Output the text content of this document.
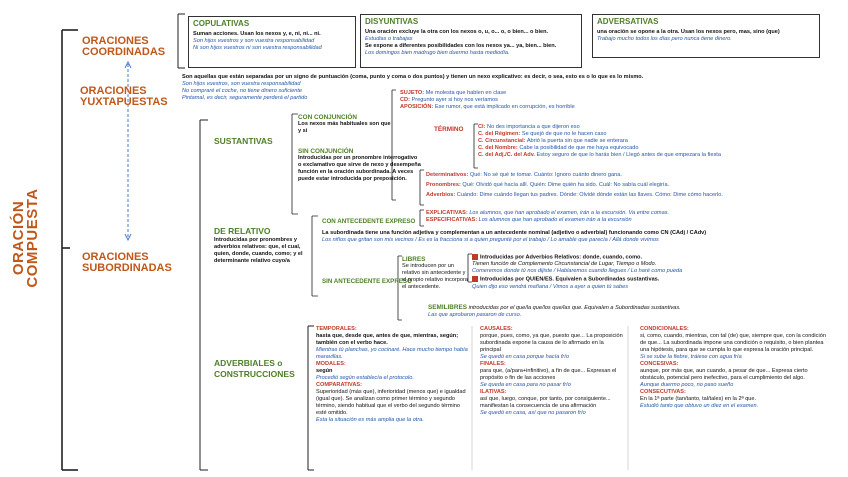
ORACIÓN
COMPUESTA
ORACIONES
COORDINADAS
COPULATIVAS
Suman acciones. Usan los nexos y, e, ni, ni... ni.
Son hijos vuestros y son vuestra responsabilidad
Ni son hijos vuestros ni son vuestra responsabilidad
DISYUNTIVAS
Una oración excluye la otra con los nexos o, u, o... o, o bien... o bien.
Estudias o trabajas
Se expone a diferentes posibilidades con los nexos ya... ya, bien... bien.
Los domingos bien madrugo bien duermo hasta mediodía.
ADVERSATIVAS
una oración se opone a la otra. Usan los nexos pero, mas, sino (que)
Trabajo mucho todos los días pero nunca tiene dinero.
ORACIONES
YUXTAPUESTAS
Son aquellas que están separadas por un signo de puntuación (coma, punto y coma o dos puntos) y tienen un nexo explicativo: es decir, o sea, esto es o lo que es lo mismo.
Son hijos vuestros, son vuestra responsabilidad
No compraré el coche, no tiene dinero suficiente
Pintamal, es decir, seguramente perderá el partido
ORACIONES
SUBORDINADAS
SUSTANTIVAS
CON CONJUNCIÓN
Los nexos más habituales son que y si
SIN CONJUNCIÓN
Introducidas por un pronombre interrogativo o exclamativo que sirve de nexo y desempeña función en la oración subordinada. A veces puede estar introducida por preposición.
SUJETO: Me molesta que hablen en clase
CD: Pregunto ayer si hoy nos veríamos
APOSICIÓN: Ese rumor, que está implicado en corrupción, es horrible
TÉRMINO	CI: No des importancia a que dijeron eso
C. del Régimen: Se quejó de que no le hacen caso
C. Circunstancial: Abrió la puerta sin que nadie se enterara
C. del Nombre: Cabe la posibilidad de que me haya equivocado
C. del Adj./C. del Adv. Estoy seguro de que lo harás bien / Llegó antes de que empezara la fiesta
Determinativos: Qué: No sé qué te tomar. Cuánto: Ignoro cuánto dinero gana.
Pronombres: Qué: Olvidó qué hacía allí. Quién: Dime quién ha sido. Cuál: No sabía cuál elegiría.
Adverbios: Cuándo: Dime cuándo llegan tus padres. Dónde: Olvidé dónde están las llaves. Cómo: Dime cómo hacerlo.
DE RELATIVO
Introducidas por pronombres y adverbios relativos: que, el cual, quien, donde, cuando, como; y el determinante relativo cuyo/a
CON ANTECEDENTE EXPRESO
EXPLICATIVAS: Los alumnos, que han aprobado el examen, irán a la excursión. Va entre comas.
ESPECIFICATIVAS: Los alumnos que han aprobado el examen irán a la excursión
La subordinada tiene una función adjetiva y complementan a un antecedente nominal (adjetivo o adverbial) funcionando como CN (CAdj / CAdv)
Los niños que gritan son mis vecinos / Es es la fracciona si a quien pregunté por el trabajo / Lo amable que parecía / Allá donde vivimos
SIN ANTECEDENTE EXPRESO
LIBRES
Se introducen por un relativo sin antecedente y el propio relativo incorpora el antecedente.
Introducidas por Adverbios Relativos: donde, cuando, como.
Tienen función de Complemento Circunstancial de Lugar, Tiempo o Modo.
Comeremos donde tú nos dijiste / Hablaremos cuando llegues / Lo haré como pueda
Introducidas por QUIEN/ES. Equivalen a Subordinadas sustantivas.
Quien dijo eso vendrá mañana / Vimos a ayer a quien tú sabes
SEMILIBRES introducidas por el que/la que/los que/las que. Equivalen a Subordinadas sustantivas.
Las que aprobaron pasaron de curso.
ADVERBIALES o
CONSTRUCCIONES
TEMPORALES:
hasta que, desde que, antes de que, mientras, según; también con el verbo hace.
Mientras tú planchas, yo cocinaré. Hace mucho tiempo había maravillas.
MODALES:
según
Procedió según establecía el protocolo.
COMPARATIVAS:
Superioridad (más que), inferioridad (menos que) e igualdad (igual que). Se analizan como primer término y segundo término, siendo habitual que el verbo del segundo término esté omitido.
Esta la situación es más amplia que la otra.
CAUSALES:
porque, pues, como, ya que, puesto que... La proposición subordinada expone la causa de lo afirmado en la principal
Se quedó en casa porque hacía frío
FINALES:
para que, (a/para+infinitivo), a fin de que... Expresan el propósito o fin de las acciones
Se queda en casa para no pasar frío
ILATIVAS:
así que, luego, conque, por tanto, por consiguiente... manifiestan la consecuencia de una afirmación
Se quedó en casa, así que no pasaron frío
CONDICIONALES:
si, como, cuando, mientras, con tal (de) que, siempre que, con la condición de que... La subordinada impone una condición o requisito, o bien plantea una hipótesis, para que se cumpla lo que expresa la oración principal.
Si se sube la fiebre, tráiese con agua fría
CONCESIVAS:
aunque, por más que, aun cuando, a pesar de que... Expresa cierto obstáculo, potencial pero inefectivo, para el cumplimiento del algo.
Aunque duermo poco, no paso sueño
CONSECUTIVAS:
En la 1ª parte (tan/tanto, tal/tales) en la 2ª que.
Estudió tanto que obtuvo un diez en el examen.
